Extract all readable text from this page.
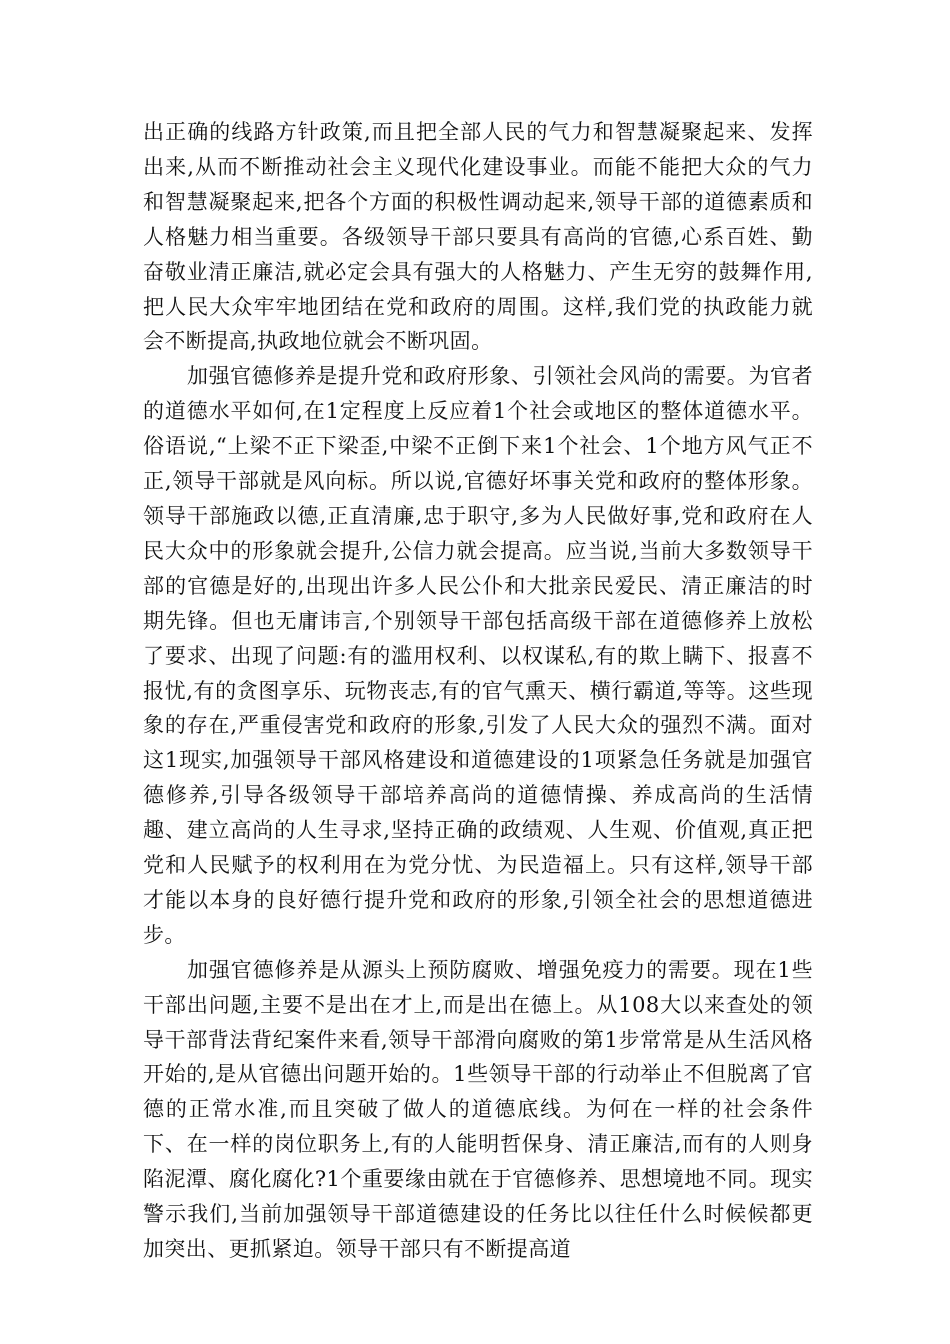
出正确的线路方针政策,而且把全部人民的气力和智慧凝聚起来、发挥出来,从而不断推动社会主义现代化建设事业。而能不能把大众的气力和智慧凝聚起来,把各个方面的积极性调动起来,领导干部的道德素质和人格魅力相当重要。各级领导干部只要具有高尚的官德,心系百姓、勤奋敬业清正廉洁,就必定会具有强大的人格魅力、产生无穷的鼓舞作用,把人民大众牢牢地团结在党和政府的周围。这样,我们党的执政能力就会不断提高,执政地位就会不断巩固。

加强官德修养是提升党和政府形象、引领社会风尚的需要。为官者的道德水平如何,在1定程度上反应着1个社会或地区的整体道德水平。俗语说,“上梁不正下梁歪,中梁不正倒下来1个社会、1个地方风气正不正,领导干部就是风向标。所以说,官德好坏事关党和政府的整体形象。领导干部施政以德,正直清廉,忠于职守,多为人民做好事,党和政府在人民大众中的形象就会提升,公信力就会提高。应当说,当前大多数领导干部的官德是好的,出现出许多人民公仆和大批亲民爱民、清正廉洁的时期先锋。但也无庸讳言,个别领导干部包括高级干部在道德修养上放松了要求、出现了问题:有的滥用权利、以权谋私,有的欺上瞒下、报喜不报忧,有的贪图享乐、玩物丧志,有的官气熏天、横行霸道,等等。这些现象的存在,严重侵害党和政府的形象,引发了人民大众的强烈不满。面对这1现实,加强领导干部风格建设和道德建设的1项紧急任务就是加强官德修养,引导各级领导干部培养高尚的道德情操、养成高尚的生活情趣、建立高尚的人生寻求,坚持正确的政绩观、人生观、价值观,真正把党和人民赋予的权利用在为党分忧、为民造福上。只有这样,领导干部才能以本身的良好德行提升党和政府的形象,引领全社会的思想道德进步。

加强官德修养是从源头上预防腐败、增强免疫力的需要。现在1些干部出问题,主要不是出在才上,而是出在德上。从108大以来查处的领导干部背法背纪案件来看,领导干部滑向腐败的第1步常常是从生活风格开始的,是从官德出问题开始的。1些领导干部的行动举止不但脱离了官德的正常水准,而且突破了做人的道德底线。为何在一样的社会条件下、在一样的岗位职务上,有的人能明哲保身、清正廉洁,而有的人则身陷泥潭、腐化腐化?1个重要缘由就在于官德修养、思想境地不同。现实警示我们,当前加强领导干部道德建设的任务比以往任什么时候候都更加突出、更抓紧迫。领导干部只有不断提高道
